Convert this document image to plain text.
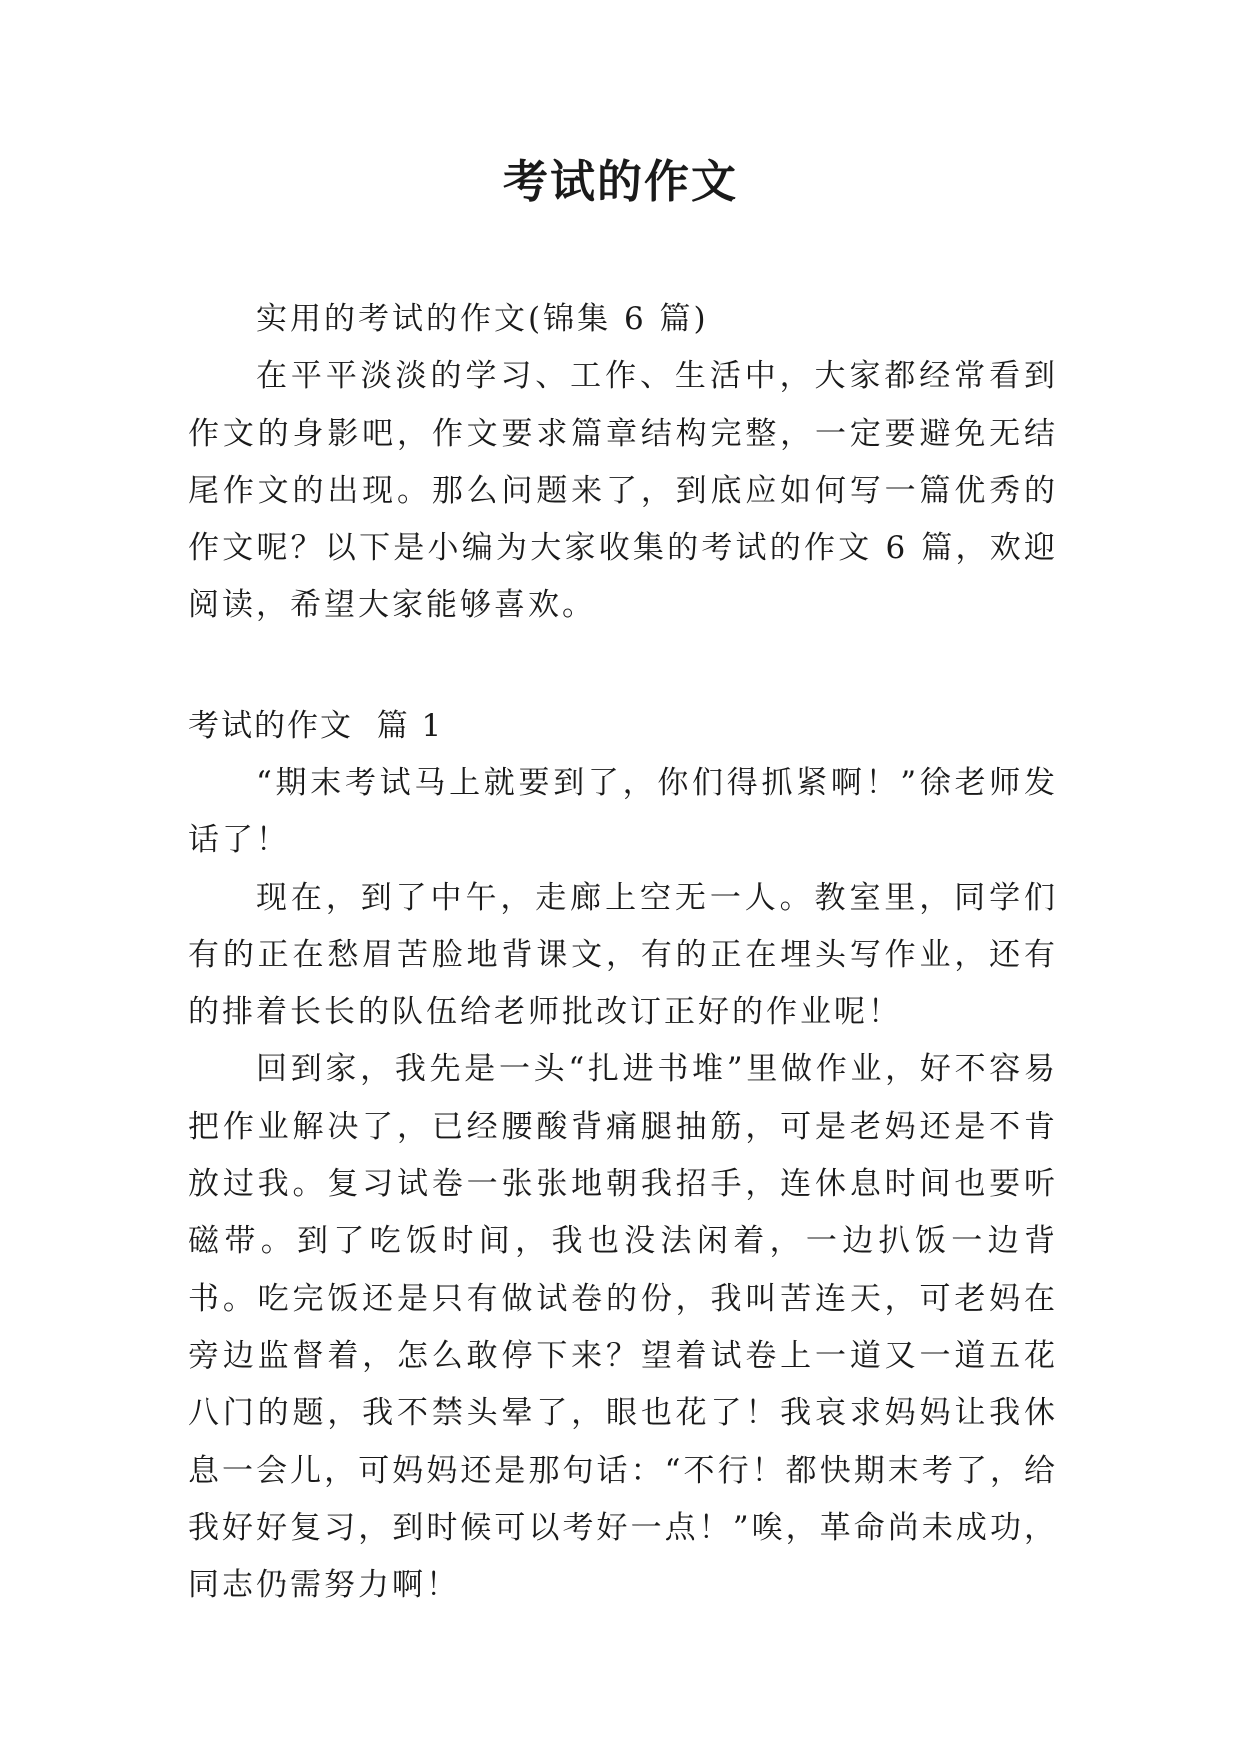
考试的作文

实用的考试的作文(锦集 6 篇)

在平平淡淡的学习、工作、生活中，大家都经常看到作文的身影吧，作文要求篇章结构完整，一定要避免无结尾作文的出现。那么问题来了，到底应如何写一篇优秀的作文呢？以下是小编为大家收集的考试的作文 6 篇，欢迎阅读，希望大家能够喜欢。

考试的作文  篇 1

“期末考试马上就要到了，你们得抓紧啊！”徐老师发话了！

现在，到了中午，走廊上空无一人。教室里，同学们有的正在愁眉苦脸地背课文，有的正在埋头写作业，还有的排着长长的队伍给老师批改订正好的作业呢！

回到家，我先是一头“扎进书堆”里做作业，好不容易把作业解决了，已经腰酸背痛腿抽筋，可是老妈还是不肯放过我。复习试卷一张张地朝我招手，连休息时间也要听磁带。到了吃饭时间，我也没法闲着，一边扒饭一边背书。吃完饭还是只有做试卷的份，我叫苦连天，可老妈在旁边监督着，怎么敢停下来？望着试卷上一道又一道五花八门的题，我不禁头晕了，眼也花了！我哀求妈妈让我休息一会儿，可妈妈还是那句话：“不行！都快期末考了，给我好好复习，到时候可以考好一点！”唉，革命尚未成功，同志仍需努力啊！
